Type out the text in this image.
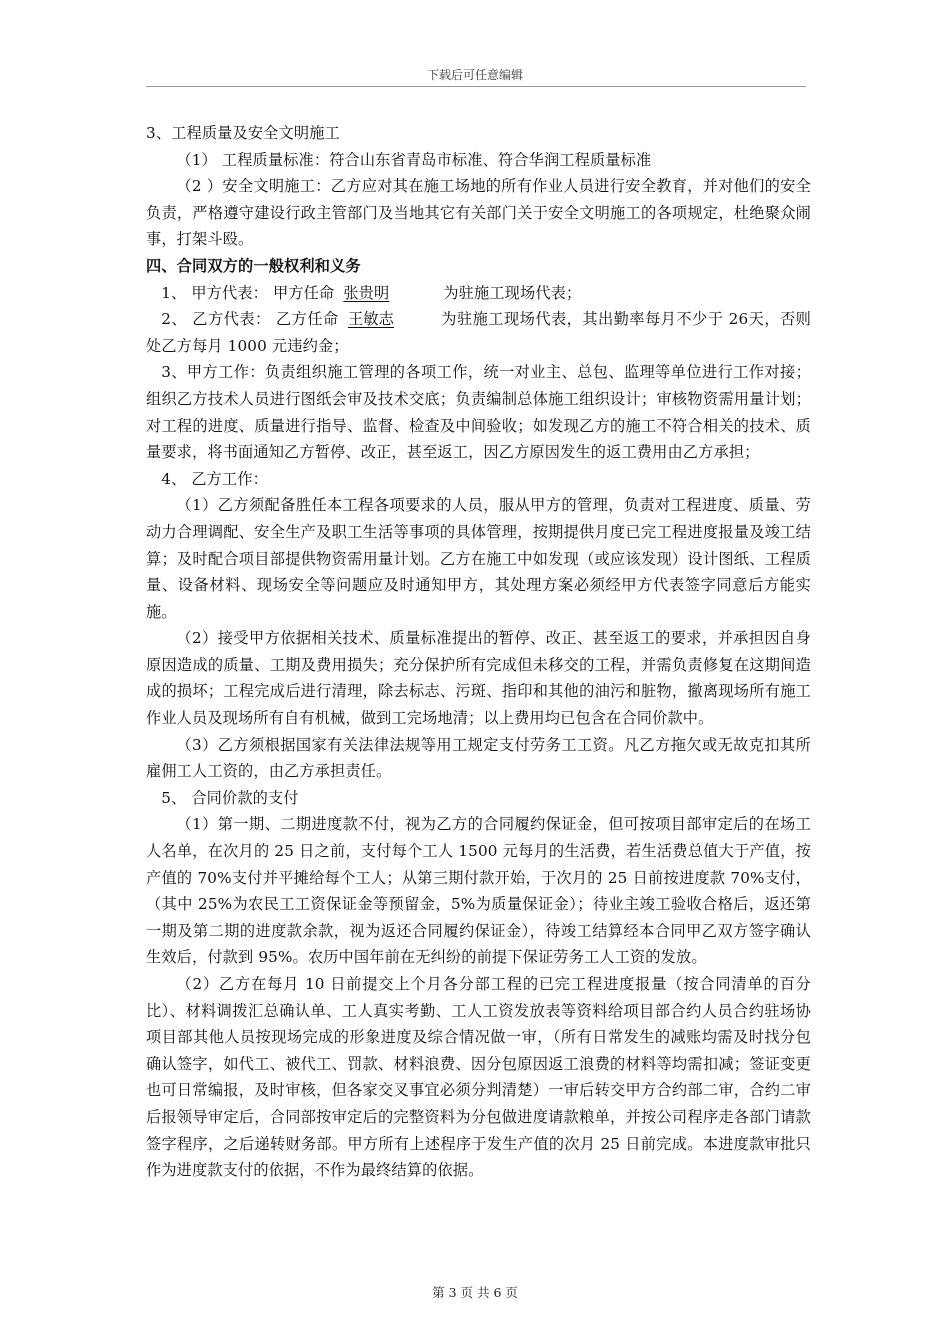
下载后可任意编辑

3、工程质量及安全文明施工

（1） 工程质量标准：符合山东省青岛市标准、符合华润工程质量标准

（2 ）安全文明施工：乙方应对其在施工场地的所有作业人员进行安全教育，并对他们的安全负责，严格遵守建设行政主管部门及当地其它有关部门关于安全文明施工的各项规定，杜绝聚众闹事，打架斗殴。

四、合同双方的一般权利和义务

1、 甲方代表： 甲方任命 张贵明	为驻施工现场代表；

2、 乙方代表： 乙方任命 王敏志	为驻施工现场代表，其出勤率每月不少于 26天，否则处乙方每月 1000 元违约金；

3、甲方工作：负责组织施工管理的各项工作，统一对业主、总包、监理等单位进行工作对接； 组织乙方技术人员进行图纸会审及技术交底；负责编制总体施工组织设计；审核物资需用量计划；对工程的进度、质量进行指导、监督、检查及中间验收；如发现乙方的施工不符合相关的技术、质量要求，将书面通知乙方暂停、改正，甚至返工，因乙方原因发生的返工费用由乙方承担；

4、 乙方工作：

（1）乙方须配备胜任本工程各项要求的人员，服从甲方的管理，负责对工程进度、质量、劳动力合理调配、安全生产及职工生活等事项的具体管理，按期提供月度已完工程进度报量及竣工结算；及时配合项目部提供物资需用量计划。乙方在施工中如发现（或应该发现）设计图纸、工程质量、设备材料、现场安全等问题应及时通知甲方，其处理方案必须经甲方代表签字同意后方能实施。

（2）接受甲方依据相关技术、质量标准提出的暂停、改正、甚至返工的要求，并承担因自身原因造成的质量、工期及费用损失；充分保护所有完成但未移交的工程，并需负责修复在这期间造成的损坏；工程完成后进行清理，除去标志、污斑、指印和其他的油污和脏物，撤离现场所有施工作业人员及现场所有自有机械，做到工完场地清；以上费用均已包含在合同价款中。

（3）乙方须根据国家有关法律法规等用工规定支付劳务工工资。凡乙方拖欠或无故克扣其所雇佣工人工资的，由乙方承担责任。

5、 合同价款的支付

（1）第一期、二期进度款不付，视为乙方的合同履约保证金，但可按项目部审定后的在场工人名单，在次月的 25 日之前，支付每个工人 1500 元每月的生活费，若生活费总值大于产值，按产值的 70%支付并平摊给每个工人；从第三期付款开始，于次月的 25 日前按进度款 70%支付，（其中 25%为农民工工资保证金等预留金，5%为质量保证金）；待业主竣工验收合格后，返还第一期及第二期的进度款余款，视为返还合同履约保证金），待竣工结算经本合同甲乙双方签字确认生效后，付款到 95%。农历中国年前在无纠纷的前提下保证劳务工人工资的发放。

（2）乙方在每月 10 日前提交上个月各分部工程的已完工程进度报量（按合同清单的百分比）、材料调拨汇总确认单、工人真实考勤、工人工资发放表等资料给项目部合约人员合约驻场协项目部其他人员按现场完成的形象进度及综合情况做一审，（所有日常发生的减账均需及时找分包确认签字，如代工、被代工、罚款、材料浪费、因分包原因返工浪费的材料等均需扣减；签证变更也可日常编报，及时审核，但各家交叉事宜必须分判清楚）一审后转交甲方合约部二审，合约二审后报领导审定后，合同部按审定后的完整资料为分包做进度请款粮单，并按公司程序走各部门请款签字程序，之后递转财务部。甲方所有上述程序于发生产值的次月 25 日前完成。本进度款审批只作为进度款支付的依据，不作为最终结算的依据。

第 3 页 共 6 页
